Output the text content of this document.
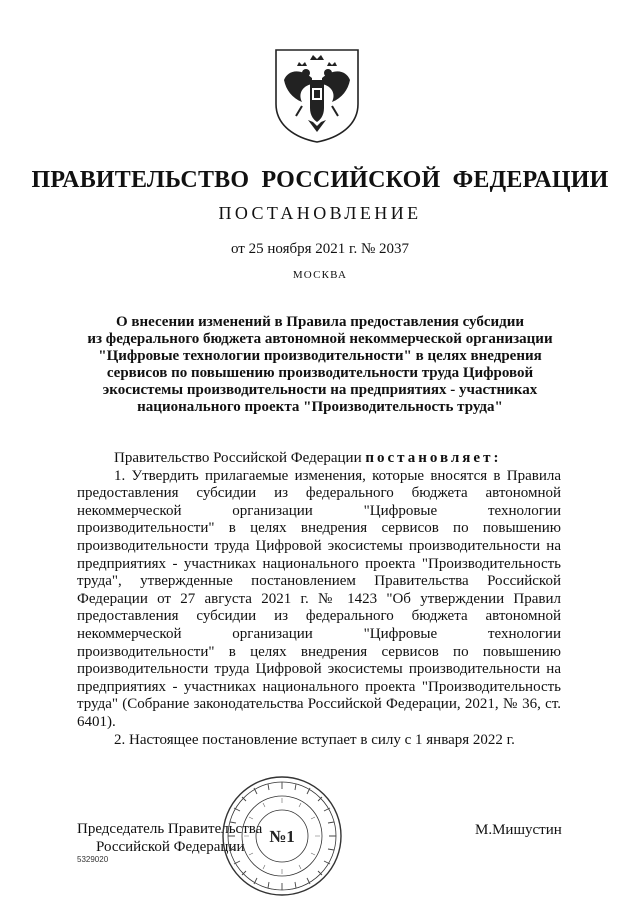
ПРАВИТЕЛЬСТВО РОССИЙСКОЙ ФЕДЕРАЦИИ
ПОСТАНОВЛЕНИЕ
от 25 ноября 2021 г. № 2037
МОСКВА
О внесении изменений в Правила предоставления субсидии
из федерального бюджета автономной некоммерческой организации
"Цифровые технологии производительности" в целях внедрения
сервисов по повышению производительности труда Цифровой
экосистемы производительности на предприятиях - участниках
национального проекта "Производительность труда"

Правительство Российской Федерации постановляет:

1. Утвердить прилагаемые изменения, которые вносятся в Правила предоставления субсидии из федерального бюджета автономной некоммерческой организации "Цифровые технологии производительности" в целях внедрения сервисов по повышению производительности труда Цифровой экосистемы производительности на предприятиях - участниках национального проекта "Производительность труда", утвержденные постановлением Правительства Российской Федерации от 27 августа 2021 г. № 1423 "Об утверждении Правил предоставления субсидии из федерального бюджета автономной некоммерческой организации "Цифровые технологии производительности" в целях внедрения сервисов по повышению производительности труда Цифровой экосистемы производительности на предприятиях - участниках национального проекта "Производительность труда" (Собрание законодательства Российской Федерации, 2021, № 36, ст. 6401).

2. Настоящее постановление вступает в силу с 1 января 2022 г.

Председатель Правительства
Российской Федерации
М.Мишустин
5329020
№1
